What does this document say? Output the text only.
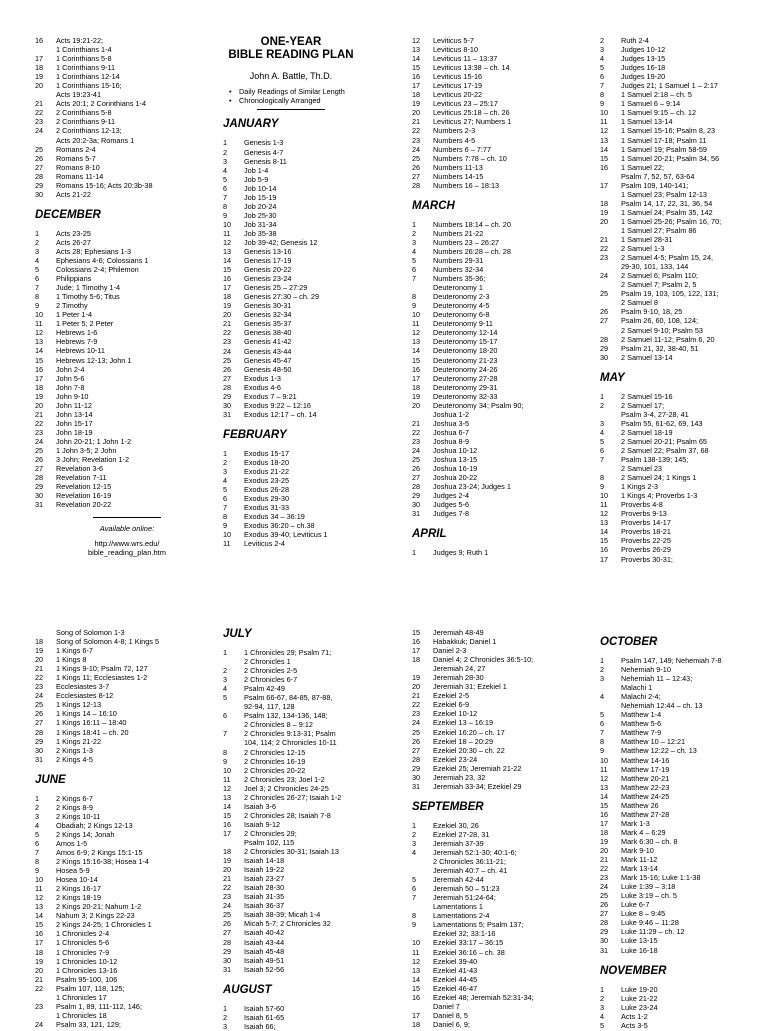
16	Acts 19:21-22;
1 Corinthians 1-4
17	1 Corinthians 5-8
18	1 Corinthians 9-11
19	1 Corinthians 12-14
20	1 Corinthians 15-16;
Acts 19:23-41
21	Acts 20:1; 2 Corinthians 1-4
22	2 Corinthians 5-8
23	2 Corinthians 9-11
24	2 Corinthians 12-13;
Acts 20:2-3a; Romans 1
25	Romans 2-4
26	Romans 5-7
27	Romans 8-10
28	Romans 11-14
29	Romans 15-16; Acts 20:3b-38
30	Acts 21-22
DECEMBER
1	Acts 23-25
2	Acts 26-27
3	Acts 28; Ephesians 1-3
4	Ephesians 4-6; Colossians 1
5	Colossians 2-4; Philemon
6	Philippians
7	Jude; 1 Timothy 1-4
8	1 Timothy 5-6; Titus
9	2 Timothy
10	1 Peter 1-4
11	1 Peter 5; 2 Peter
12	Hebrews 1-6
13	Hebrews 7-9
14	Hebrews 10-11
15	Hebrews 12-13; John 1
16	John 2-4
17	John 5-6
18	John 7-8
19	John 9-10
20	John 11-12
21	John 13-14
22	John 15-17
23	John 18-19
24	John 20-21; 1 John 1-2
25	1 John 3-5; 2 John
26	3 John; Revelation 1-2
27	Revelation 3-6
28	Revelation 7-11
29	Revelation 12-15
30	Revelation 16-19
31	Revelation 20-22
Available online:
http://www.wrs.edu/
bible_reading_plan.htm
ONE-YEAR
BIBLE READING PLAN
John A. Battle, Th.D.
• Daily Readings of Similar Length
• Chronologically Arranged
JANUARY
1	Genesis 1-3
2	Genesis 4-7
3	Genesis 8-11
4	Job 1-4
5	Job 5-9
6	Job 10-14
7	Job 15-19
8	Job 20-24
9	Job 25-30
10	Job 31-34
11	Job 35-38
12	Job 39-42; Genesis 12
13	Genesis 13-16
14	Genesis 17-19
15	Genesis 20-22
16	Genesis 23-24
17	Genesis 25 – 27:29
18	Genesis 27:30 – ch. 29
19	Genesis 30-31
20	Genesis 32-34
21	Genesis 35-37
22	Genesis 38-40
23	Genesis 41-42
24	Genesis 43-44
25	Genesis 45-47
26	Genesis 48-50
27	Exodus 1-3
28	Exodus 4-6
29	Exodus 7 – 9:21
30	Exodus 9:22 – 12:16
31	Exodus 12:17 – ch. 14
FEBRUARY
1	Exodus 15-17
2	Exodus 18-20
3	Exodus 21-22
4	Exodus 23-25
5	Exodus 26-28
6	Exodus 29-30
7	Exodus 31-33
8	Exodus 34 – 36:19
9	Exodus 36:20 – ch.38
10	Exodus 39-40; Leviticus 1
11	Leviticus 2-4
12	Leviticus 5-7
13	Leviticus 8-10
14	Leviticus 11 – 13:37
15	Leviticus 13:38 – ch. 14
16	Leviticus 15-16
17	Leviticus 17-19
18	Leviticus 20-22
19	Leviticus 23 – 25:17
20	Leviticus 25:18 – ch. 26
21	Leviticus 27; Numbers 1
22	Numbers 2-3
23	Numbers 4-5
24	Numbers 6 – 7:77
25	Numbers 7:78 – ch. 10
26	Numbers 11-13
27	Numbers 14-15
28	Numbers 16 – 18:13
MARCH
1	Numbers 18:14 – ch. 20
2	Numbers 21-22
3	Numbers 23 – 26:27
4	Numbers 26:28 – ch. 28
5	Numbers 29-31
6	Numbers 32-34
7	Numbers 35-36;
Deuteronomy 1
8	Deuteronomy 2-3
9	Deuteronomy 4-5
10	Deuteronomy 6-8
11	Deuteronomy 9-11
12	Deuteronomy 12-14
13	Deuteronomy 15-17
14	Deuteronomy 18-20
15	Deuteronomy 21-23
16	Deuteronomy 24-26
17	Deuteronomy 27-28
18	Deuteronomy 29-31
19	Deuteronomy 32-33
20	Deuteronomy 34; Psalm 90;
Joshua 1-2
21	Joshua 3-5
22	Joshua 6-7
23	Joshua 8-9
24	Joshua 10-12
25	Joshua 13-15
26	Joshua 16-19
27	Joshua 20-22
28	Joshua 23-24; Judges 1
29	Judges 2-4
30	Judges 5-6
31	Judges 7-8
APRIL
1	Judges 9; Ruth 1
2	Ruth 2-4
3	Judges 10-12
4	Judges 13-15
5	Judges 16-18
6	Judges 19-20
7	Judges 21; 1 Samuel 1 – 2:17
8	1 Samuel 2:18 – ch. 5
9	1 Samuel 6 – 9:14
10	1 Samuel 9:15 – ch. 12
11	1 Samuel 13-14
12	1 Samuel 15-16; Psalm 8, 23
13	1 Samuel 17-18; Psalm 11
14	1 Samuel 19; Psalm 58-59
15	1 Samuel 20-21; Psalm 34, 56
16	1 Samuel 22;
Psalm 7, 52, 57, 63-64
17	Psalm 109, 140-141;
1 Samuel 23; Psalm 12-13
18	Psalm 14, 17, 22, 31, 36, 54
19	1 Samuel 24; Psalm 35, 142
20	1 Samuel 25-26; Psalm 16, 70;
1 Samuel 27; Psalm 86
21	1 Samuel 28-31
22	2 Samuel 1-3
23	2 Samuel 4-5; Psalm 15, 24,
29-30, 101, 133, 144
24	2 Samuel 6; Psalm 110;
2 Samuel 7; Psalm 2, 5
25	Psalm 19, 103, 105, 122, 131;
2 Samuel 8
26	Psalm 9-10, 18, 25
27	Psalm 26, 60, 108, 124;
2 Samuel 9-10; Psalm 53
28	2 Samuel 11-12; Psalm 6, 20
29	Psalm 21, 32, 38-40, 51
30	2 Samuel 13-14
MAY
1	2 Samuel 15-16
2	2 Samuel 17;
Psalm 3-4, 27-28, 41
3	Psalm 55, 61-62, 69, 143
4	2 Samuel 18-19
5	2 Samuel 20-21; Psalm 65
6	2 Samuel 22; Psalm 37, 68
7	Psalm 138-139; 145;
2 Samuel 23
8	2 Samuel 24; 1 Kings 1
9	1 Kings 2-3
10	1 Kings 4; Proverbs 1-3
11	Proverbs 4-8
12	Proverbs 9-13
13	Proverbs 14-17
14	Proverbs 18-21
15	Proverbs 22-25
16	Proverbs 26-29
17	Proverbs 30-31;
Song of Solomon 1-3
18	Song of Solomon 4-8; 1 Kings 5
19	1 Kings 6-7
20	1 Kings 8
21	1 Kings 9-10; Psalm 72, 127
22	1 Kings 11; Ecclesiastes 1-2
23	Ecclesiastes 3-7
24	Ecclesiastes 8-12
25	1 Kings 12-13
26	1 Kings 14 – 16:10
27	1 Kings 16:11 – 18:40
28	1 Kings 18:41 – ch. 20
29	1 Kings 21-22
30	2 Kings 1-3
31	2 Kings 4-5
JUNE
1	2 Kings 6-7
2	2 Kings 8-9
3	2 Kings 10-11
4	Obadiah; 2 Kings 12-13
5	2 Kings 14; Jonah
6	Amos 1-5
7	Amos 6-9; 2 Kings 15:1-15
8	2 Kings 15:16-38; Hosea 1-4
9	Hosea 5-9
10	Hosea 10-14
11	2 Kings 16-17
12	2 Kings 18-19
13	2 Kings 20-21; Nahum 1-2
14	Nahum 3; 2 Kings 22-23
15	2 Kings 24-25; 1 Chronicles 1
16	1 Chronicles 2-4
17	1 Chronicles 5-6
18	1 Chronicles 7-9
19	1 Chronicles 10-12
20	1 Chronicles 13-16
21	Psalm 95-100, 106
22	Psalm 107, 118, 125;
1 Chronicles 17
23	Psalm 1, 89, 111-112, 146;
1 Chronicles 18
24	Psalm 33, 121, 129;
JULY
1	1 Chronicles 29; Psalm 71;
2 Chronicles 1
2	2 Chronicles 2-5
3	2 Chronicles 6-7
4	Psalm 42-49
5	Psalm 66-67, 84-85, 87-88,
92-94, 117, 128
6	Psalm 132, 134-136, 148;
2 Chronicles 8 – 9:12
7	2 Chronicles 9:13-31; Psalm
104, 114; 2 Chronicles 10-11
8	2 Chronicles 12-15
9	2 Chronicles 16-19
10	2 Chronicles 20-22
11	2 Chronicles 23; Joel 1-2
12	Joel 3; 2 Chronicles 24-25
13	2 Chronicles 26-27; Isaiah 1-2
14	Isaiah 3-6
15	2 Chronicles 28; Isaiah 7-8
16	Isaiah 9-12
17	2 Chronicles 29;
Psalm 102, 115
18	2 Chronicles 30-31; Isaiah 13
19	Isaiah 14-18
20	Isaiah 19-22
21	Isaiah 23-27
22	Isaiah 28-30
23	Isaiah 31-35
24	Isaiah 36-37
25	Isaiah 38-39; Micah 1-4
26	Micah 5-7; 2 Chronicles 32
27	Isaiah 40-42
28	Isaiah 43-44
29	Isaiah 45-48
30	Isaiah 49-51
31	Isaiah 52-56
AUGUST
1	Isaiah 57-60
2	Isaiah 61-65
3	Isaiah 66;
15	Jeremiah 48-49
16	Habakkuk; Daniel 1
17	Daniel 2-3
18	Daniel 4; 2 Chronicles 36:5-10;
Jeremiah 24, 27
19	Jeremiah 28-30
20	Jeremiah 31; Ezekiel 1
21	Ezekiel 2-5
22	Ezekiel 6-9
23	Ezekiel 10-12
24	Ezekiel 13 – 16:19
25	Ezekiel 16:20 – ch. 17
26	Ezekiel 18 – 20:29
27	Ezekiel 20:30 – ch. 22
28	Ezekiel 23-24
29	Ezekiel 25; Jeremiah 21-22
30	Jeremiah 23, 32
31	Jeremiah 33-34; Ezekiel 29
SEPTEMBER
1	Ezekiel 30, 26
2	Ezekiel 27-28, 31
3	Jeremiah 37-39
4	Jeremiah 52:1-30; 40:1-6;
2 Chronicles 36:11-21;
Jeremiah 40:7 – ch. 41
5	Jeremiah 42-44
6	Jeremiah 50 – 51:23
7	Jeremiah 51:24-64;
Lamentations 1
8	Lamentations 2-4
9	Lamentations 5; Psalm 137;
Ezekiel 32; 33:1-16
10	Ezekiel 33:17 – 36:15
11	Ezekiel 36:16 – ch. 38
12	Ezekiel 39-40
13	Ezekiel 41-43
14	Ezekiel 44-45
15	Ezekiel 46-47
16	Ezekiel 48; Jeremiah 52:31-34;
Daniel 7
17	Daniel 8, 5
18	Daniel 6, 9;
OCTOBER
1	Psalm 147, 149; Nehemiah 7-8
2	Nehemiah 9-10
3	Nehemiah 11 – 12:43;
Malachi 1
4	Malachi 2-4;
Nehemiah 12:44 – ch. 13
5	Matthew 1-4
6	Matthew 5-6
7	Matthew 7-9
8	Matthew 10 – 12:21
9	Matthew 12:22 – ch. 13
10	Matthew 14-16
11	Matthew 17-19
12	Matthew 20-21
13	Matthew 22-23
14	Matthew 24-25
15	Matthew 26
16	Matthew 27-28
17	Mark 1-3
18	Mark 4 – 6:29
19	Mark 6:30 – ch. 8
20	Mark 9-10
21	Mark 11-12
22	Mark 13-14
23	Mark 15-16; Luke 1:1-38
24	Luke 1:39 – 3:18
25	Luke 3:19 – ch. 5
26	Luke 6-7
27	Luke 8 – 9:45
28	Luke 9:46 – 11:28
29	Luke 11:29 – ch. 12
30	Luke 13-15
31	Luke 16-18
NOVEMBER
1	Luke 19-20
2	Luke 21-22
3	Luke 23-24
4	Acts 1-2
5	Acts 3-5
